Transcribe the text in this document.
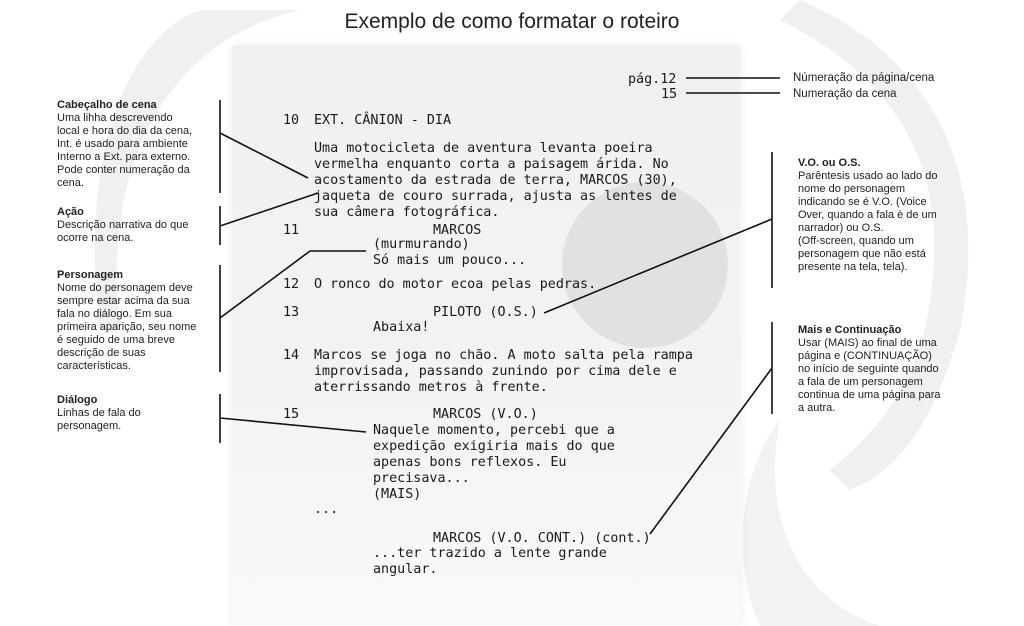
Exemplo de como formatar o roteiro
pág.12
15
10
11
12
13
14
15
EXT. CÂNION - DIA
Uma motocicleta de aventura levanta poeira
vermelha enquanto corta a paisagem árida. No
acostamento da estrada de terra, MARCOS (30),
jaqueta de couro surrada, ajusta as lentes de
sua câmera fotográfica.
MARCOS
(murmurando)
Só mais um pouco...
O ronco do motor ecoa pelas pedras.
PILOTO (O.S.)
Abaixa!
Marcos se joga no chão. A moto salta pela rampa
improvisada, passando zunindo por cima dele e
aterrissando metros à frente.
MARCOS (V.O.)
Naquele momento, percebi que a
expedição exigiria mais do que
apenas bons reflexos. Eu
precisava...
(MAIS)
...
MARCOS (V.O. CONT.) (cont.)
...ter trazido a lente grande
angular.
Númeração da página/cena
Numeração da cena
Cabeçalho de cena
Uma lihha descrevendo
local e hora do dia da cena,
Int. é usado para ambiente
Interno a Ext. para externo.
Pode conter numeração da
cena.
Ação
Descrição narrativa do que
ocorre na cena.
Personagem
Nome do personagem deve
sempre estar acima da sua
fala no diálogo. Em sua
primeira aparição, seu nome
é seguido de uma breve
descrição de suas
características.
Diálogo
Linhas de fala do
personagem.
V.O. ou O.S.
Parêntesis usado ao lado do
nome do personagem
indicando se é V.O. (Voice
Over, quando a fala è de um
narrador) ou O.S.
(Off-screen, quando um
personagem que não está
presente na tela, tela).
Mais e Continuação
Usar (MAIS) ao final de uma
página e (CONTINUAÇÃO)
no início de seguinte quando
a fala de um personagem
continua de uma página para
a autra.
